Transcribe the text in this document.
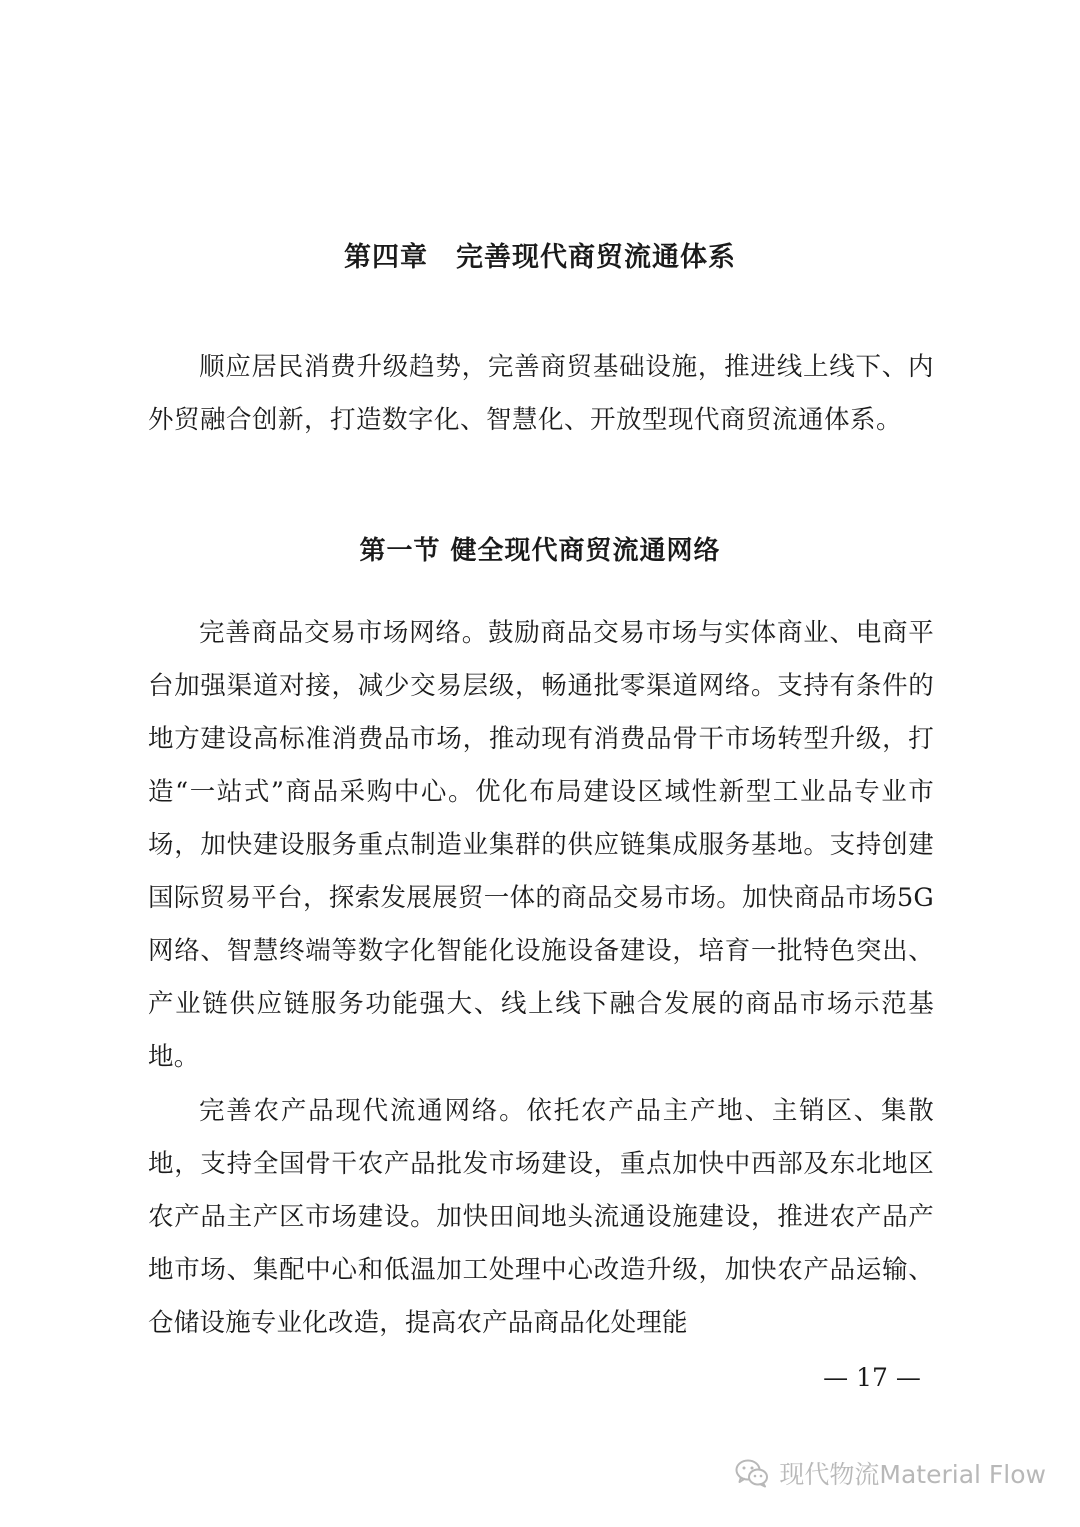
第四章　完善现代商贸流通体系

顺应居民消费升级趋势，完善商贸基础设施，推进线上线下、内外贸融合创新，打造数字化、智慧化、开放型现代商贸流通体系。

第一节 健全现代商贸流通网络

完善商品交易市场网络。鼓励商品交易市场与实体商业、电商平台加强渠道对接，减少交易层级，畅通批零渠道网络。支持有条件的地方建设高标准消费品市场，推动现有消费品骨干市场转型升级，打造“一站式”商品采购中心。优化布局建设区域性新型工业品专业市场，加快建设服务重点制造业集群的供应链集成服务基地。支持创建国际贸易平台，探索发展展贸一体的商品交易市场。加快商品市场5G网络、智慧终端等数字化智能化设施设备建设，培育一批特色突出、产业链供应链服务功能强大、线上线下融合发展的商品市场示范基地。

完善农产品现代流通网络。依托农产品主产地、主销区、集散地，支持全国骨干农产品批发市场建设，重点加快中西部及东北地区农产品主产区市场建设。加快田间地头流通设施建设，推进农产品产地市场、集配中心和低温加工处理中心改造升级，加快农产品运输、仓储设施专业化改造，提高农产品商品化处理能

— 17 —
现代物流Material Flow
